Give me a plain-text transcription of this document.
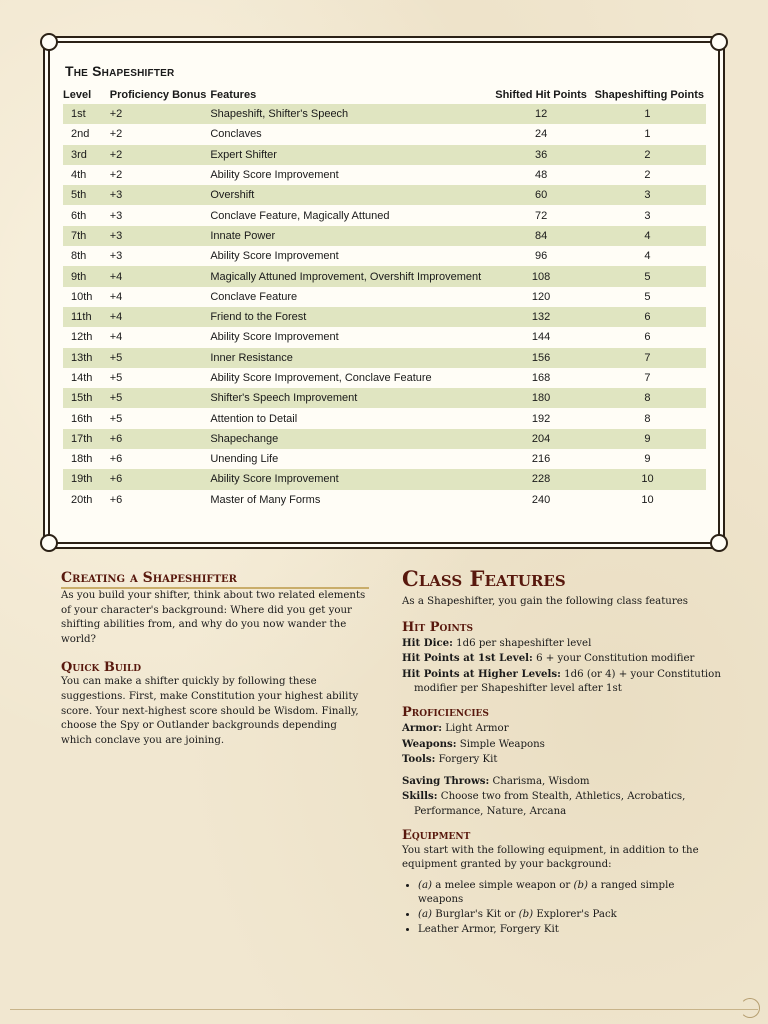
The Shapeshifter
Level	Proficiency Bonus	Features	Shifted Hit Points	Shapeshifting Points
1st	+2	Shapeshift, Shifter's Speech	12	1
2nd	+2	Conclaves	24	1
3rd	+2	Expert Shifter	36	2
4th	+2	Ability Score Improvement	48	2
5th	+3	Overshift	60	3
6th	+3	Conclave Feature, Magically Attuned	72	3
7th	+3	Innate Power	84	4
8th	+3	Ability Score Improvement	96	4
9th	+4	Magically Attuned Improvement, Overshift Improvement	108	5
10th	+4	Conclave Feature	120	5
11th	+4	Friend to the Forest	132	6
12th	+4	Ability Score Improvement	144	6
13th	+5	Inner Resistance	156	7
14th	+5	Ability Score Improvement, Conclave Feature	168	7
15th	+5	Shifter's Speech Improvement	180	8
16th	+5	Attention to Detail	192	8
17th	+6	Shapechange	204	9
18th	+6	Unending Life	216	9
19th	+6	Ability Score Improvement	228	10
20th	+6	Master of Many Forms	240	10
Creating a Shapeshifter

As you build your shifter, think about two related elements of your character's background: Where did you get your shifting abilities from, and why do you now wander the world?

Quick Build

You can make a shifter quickly by following these suggestions. First, make Constitution your highest ability score. Your next-highest score should be Wisdom. Finally, choose the Spy or Outlander backgrounds depending which conclave you are joining.

Class Features

As a Shapeshifter, you gain the following class features

Hit Points

Hit Dice: 1d6 per shapeshifter level

Hit Points at 1st Level: 6 + your Constitution modifier

Hit Points at Higher Levels: 1d6 (or 4) + your Constitution

modifier per Shapeshifter level after 1st

Proficiencies

Armor: Light Armor

Weapons: Simple Weapons

Tools: Forgery Kit

Saving Throws: Charisma, Wisdom

Skills: Choose two from Stealth, Athletics, Acrobatics,

Performance, Nature, Arcana

Equipment

You start with the following equipment, in addition to the equipment granted by your background:

• (a) a melee simple weapon or (b) a ranged simple weapons
• (a) Burglar's Kit or (b) Explorer's Pack
• Leather Armor, Forgery Kit
